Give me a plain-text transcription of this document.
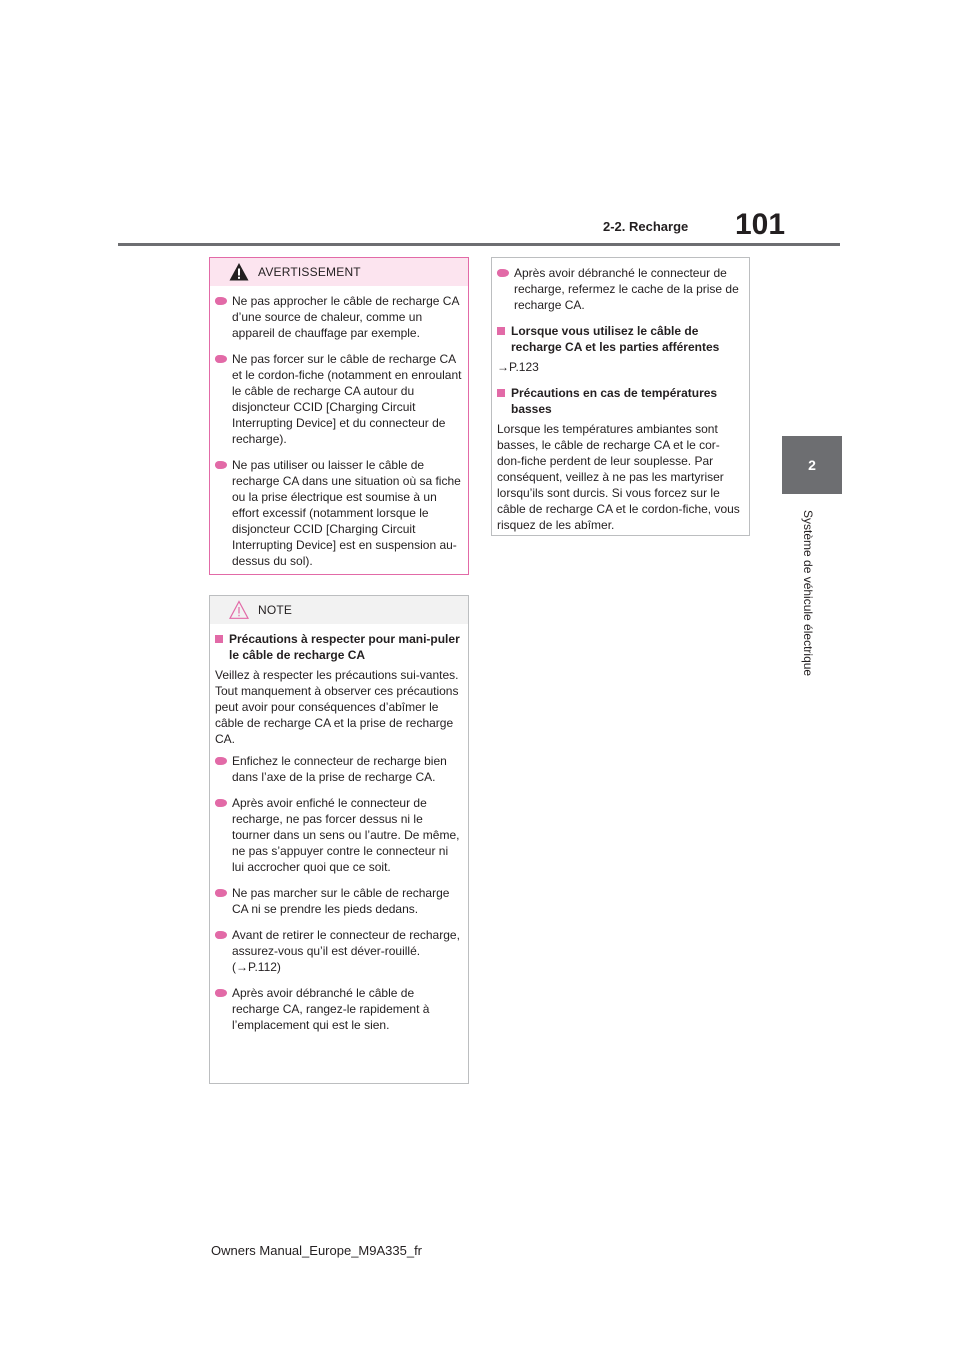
101
2-2. Recharge
2
Système de véhicule électrique
AVERTISSEMENT
Ne pas approcher le câble de recharge CA d’une source de chaleur, comme un appareil de chauffage par exemple.
Ne pas forcer sur le câble de recharge CA et le cordon-fiche (notamment en enroulant le câble de recharge CA autour du disjoncteur CCID [Charging Circuit Interrupting Device] et du connecteur de recharge).
Ne pas utiliser ou laisser le câble de recharge CA dans une situation où sa fiche ou la prise électrique est soumise à un effort excessif (notamment lorsque le disjoncteur CCID [Charging Circuit Interrupting Device] est en suspension au-dessus du sol).
NOTE
Précautions à respecter pour mani-puler le câble de recharge CA
Veillez à respecter les précautions sui-vantes. Tout manquement à observer ces précautions peut avoir pour conséquences d’abîmer le câble de recharge CA et la prise de recharge CA.
Enfichez le connecteur de recharge bien dans l’axe de la prise de recharge CA.
Après avoir enfiché le connecteur de recharge, ne pas forcer dessus ni le tourner dans un sens ou l’autre. De même, ne pas s’appuyer contre le connecteur ni lui accrocher quoi que ce soit.
Ne pas marcher sur le câble de recharge CA ni se prendre les pieds dedans.
Avant de retirer le connecteur de recharge, assurez-vous qu’il est déver-rouillé. (→P.112)
Après avoir débranché le câble de recharge CA, rangez-le rapidement à l’emplacement qui est le sien.
Après avoir débranché le connecteur de recharge, refermez le cache de la prise de recharge CA.
Lorsque vous utilisez le câble de recharge CA et les parties afférentes
→P.123
Précautions en cas de températures basses
Lorsque les températures ambiantes sont basses, le câble de recharge CA et le cor-don-fiche perdent de leur souplesse. Par conséquent, veillez à ne pas les martyriser lorsqu’ils sont durcis. Si vous forcez sur le câble de recharge CA et le cordon-fiche, vous risquez de les abîmer.
Owners Manual_Europe_M9A335_fr
